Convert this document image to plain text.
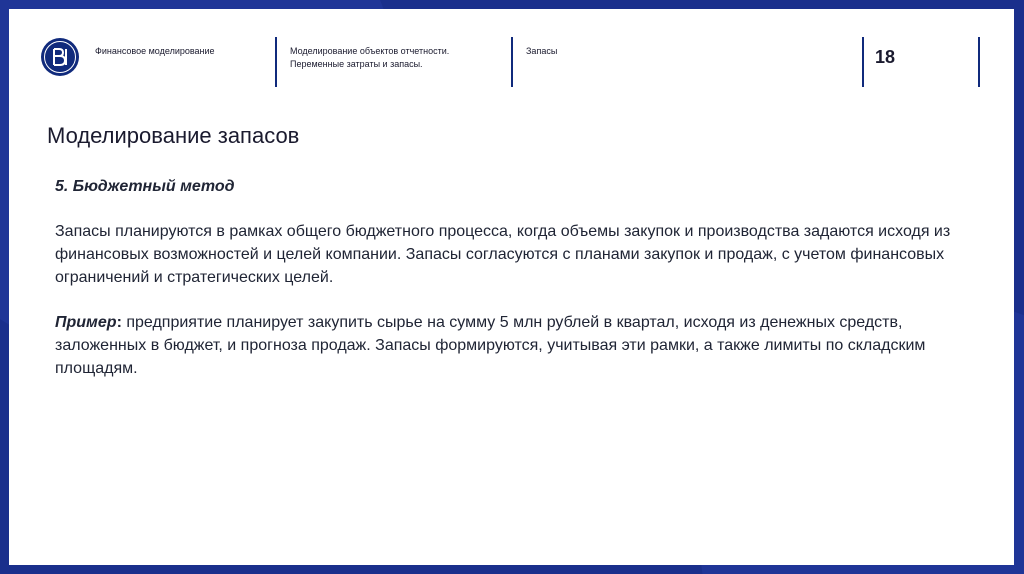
Финансовое моделирование	Моделирование объектов отчетности. Переменные затраты и запасы.
Запасы	18
Моделирование запасов

5. Бюджетный метод

Запасы планируются в рамках общего бюджетного процесса, когда объемы закупок и производства задаются исходя из финансовых возможностей и целей компании. Запасы согласуются с планами закупок и продаж, с учетом финансовых ограничений и стратегических целей.

Пример: предприятие планирует закупить сырье на сумму 5 млн рублей в квартал, исходя из денежных средств, заложенных в бюджет, и прогноза продаж. Запасы формируются, учитывая эти рамки, а также лимиты по складским площадям.
